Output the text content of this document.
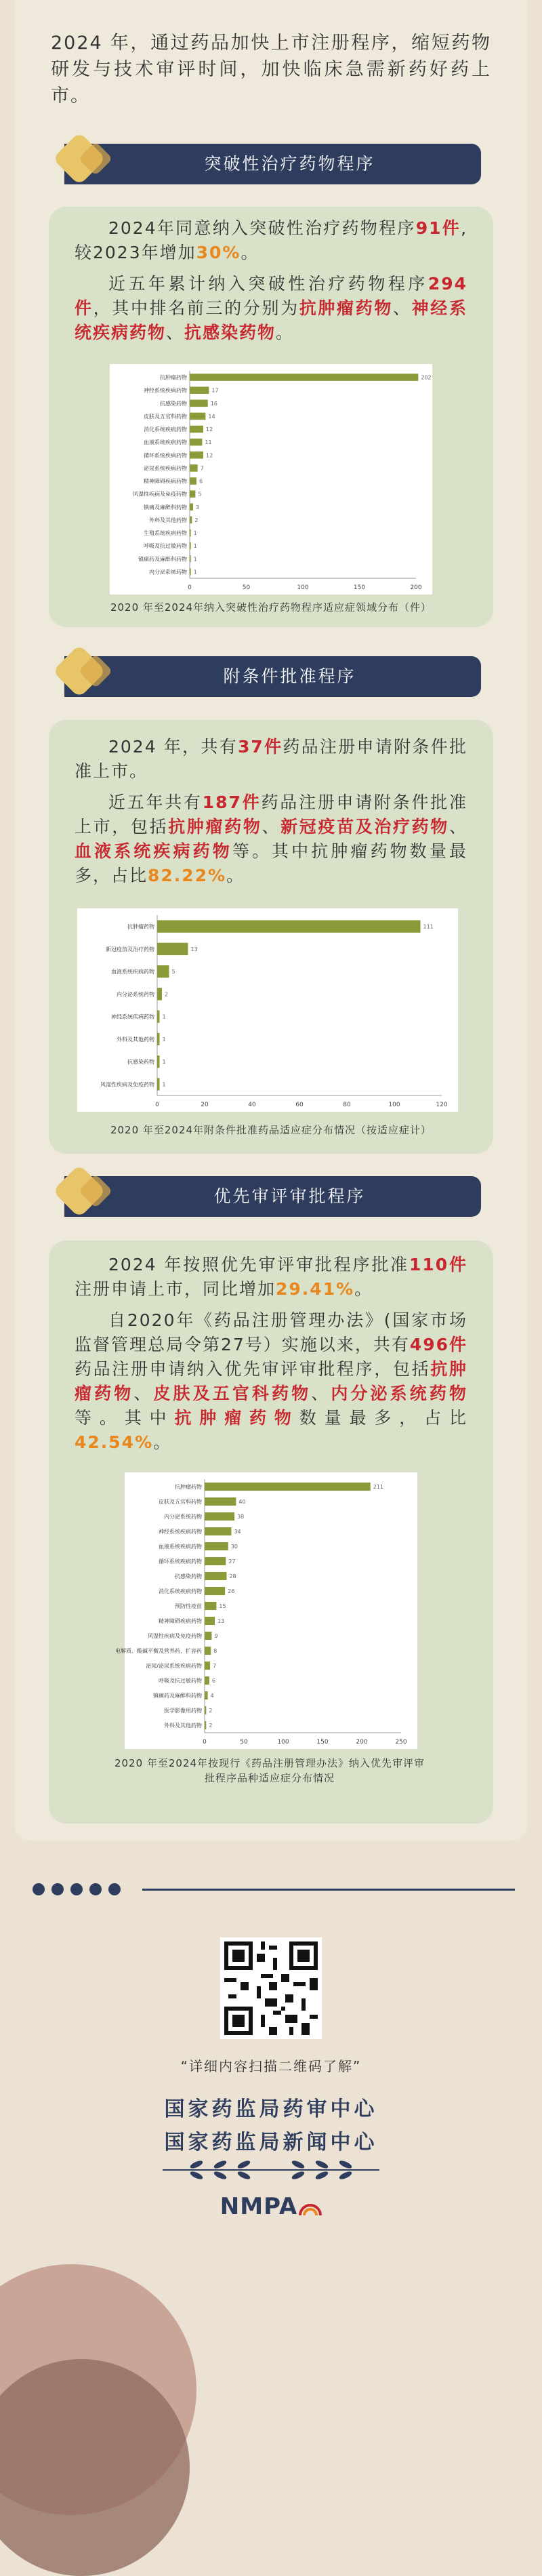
2024 年，通过药品加快上市注册程序，缩短药物研发与技术审评时间，加快临床急需新药好药上市。
突破性治疗药物程序
2024年同意纳入突破性治疗药物程序91件,较2023年增加30%。
近五年累计纳入突破性治疗药物程序294件，其中排名前三的分别为抗肿瘤药物、神经系统疾病药物、抗感染药物。
0	50	100	150	200
抗肿瘤药物	202
神经系统疾病药物	17
抗感染药物	16
皮肤及五官科药物	14
消化系统疾病药物	12
血液系统疾病药物	11
循环系统疾病药物	12
泌尿系统疾病药物 7
精神障碍疾病药物 6
风湿性疾病及免疫药物 5
镇痛及麻醉科药物 3
外科及其他药物 2
生殖系统疾病药物 1
呼吸及抗过敏药物 1
镇痛药及麻醉科药物 1
内分泌系统药物 1
2020 年至2024年纳入突破性治疗药物程序适应症领域分布（件）
附条件批准程序
2024 年，共有37件药品注册申请附条件批准上市。
近五年共有187件药品注册申请附条件批准上市，包括抗肿瘤药物、新冠疫苗及治疗药物、血液系统疾病药物等。其中抗肿瘤药物数量最多，占比82.22%。
0	20	40	60	80	100	120
抗肿瘤药物	111
新冠疫苗及治疗药物	13
血液系统疾病药物	5
内分泌系统药物 2
神经系统疾病药物 1
外科及其他药物 1
抗感染药物 1
风湿性疾病及免疫药物 1
2020 年至2024年附条件批准药品适应症分布情况（按适应症计）
优先审评审批程序
2024 年按照优先审评审批程序批准110件注册申请上市，同比增加29.41%。
自2020年《药品注册管理办法》(国家市场监督管理总局令第27号）实施以来，共有496件药品注册申请纳入优先审评审批程序，包括抗肿瘤药物、皮肤及五官科药物、内分泌系统药物等。其中抗肿瘤药物数量最多，占比 42.54%。
0	50	100	150	200	250
抗肿瘤药物	211
皮肤及五官科药物	40
内分泌系统药物	38
神经系统疾病药物	34
血液系统疾病药物	30
循环系统疾病药物	27
抗感染药物	28
消化系统疾病药物	26
预防性疫苗	15
精神障碍疾病药物	13
风湿性疾病及免疫药物 9
电解质、酸碱平衡及营养药、扩容药 8
泌尿/泌尿系统疾病药物 7
呼吸及抗过敏药物 6
镇痛药及麻醉科药物 4
医学影像用药物 2
外科及其他药物 2
2020 年至2024年按现行《药品注册管理办法》纳入优先审评审批程序品种适应症分布情况
“详细内容扫描二维码了解”
国家药监局药审中心
国家药监局新闻中心
NMPA
